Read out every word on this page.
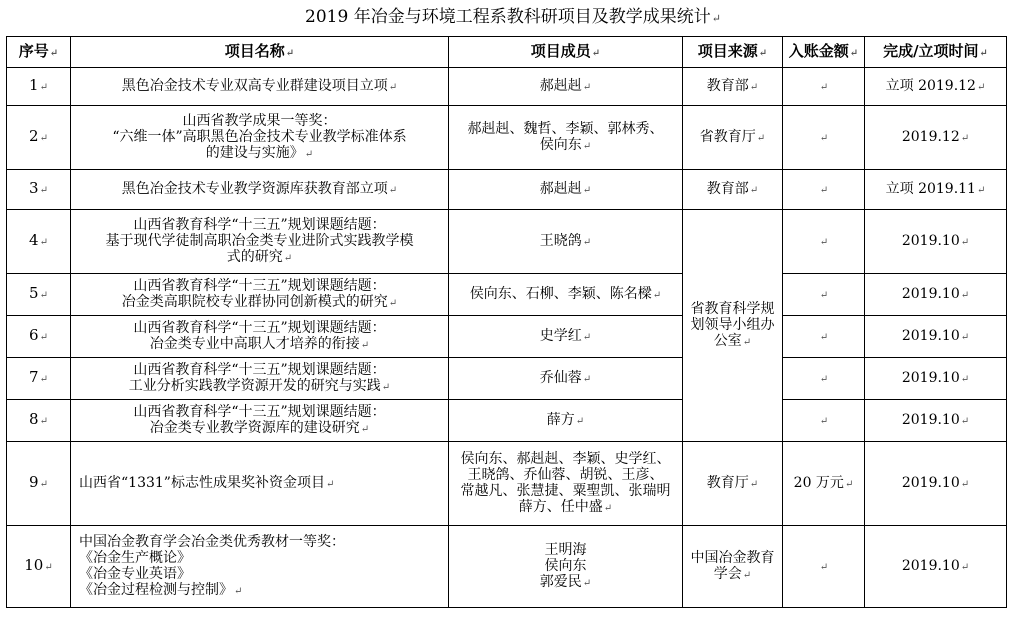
2019 年冶金与环境工程系教科研项目及教学成果统计↵
序号↵	项目名称↵	项目成员↵	项目来源↵	入账金额↵	完成/立项时间↵
1↵	黑色冶金技术专业双高专业群建设项目立项↵	郝赳赳↵	教育部↵	↵	立项 2019.12↵
2↵	山西省教学成果一等奖：
“六维一体”高职黑色冶金技术专业教学标准体系
的建设与实施》↵	郝赳赳、魏哲、李颖、郭林秀、
侯向东↵	省教育厅↵	↵	2019.12↵
3↵	黑色冶金技术专业教学资源库获教育部立项↵	郝赳赳↵	教育部↵	↵	立项 2019.11↵
4↵	山西省教育科学“十三五”规划课题结题：
基于现代学徒制高职冶金类专业进阶式实践教学模
式的研究↵	王晓鸽↵	省教育科学规
划领导小组办
公室↵	↵	2019.10↵
5↵	山西省教育科学“十三五”规划课题结题：
冶金类高职院校专业群协同创新模式的研究↵	侯向东、石柳、李颖、陈名樑↵		↵	2019.10↵
6↵	山西省教育科学“十三五”规划课题结题：
冶金类专业中高职人才培养的衔接↵	史学红↵		↵	2019.10↵
7↵	山西省教育科学“十三五”规划课题结题：
工业分析实践教学资源开发的研究与实践↵	乔仙蓉↵		↵	2019.10↵
8↵	山西省教育科学“十三五”规划课题结题：
冶金类专业教学资源库的建设研究↵	薛方↵		↵	2019.10↵
9↵	山西省“1331”标志性成果奖补资金项目↵	侯向东、郝赳赳、李颖、史学红、
王晓鸽、乔仙蓉、胡锐、王彦、
常越凡、张慧捷、粟聖凯、张瑞明
薛方、任中盛↵	教育厅↵	20 万元↵	2019.10↵
10↵	中国冶金教育学会冶金类优秀教材一等奖：
《冶金生产概论》
《冶金专业英语》
《冶金过程检测与控制》↵	王明海
侯向东
郭爱民↵	中国冶金教育
学会↵	↵	2019.10↵
